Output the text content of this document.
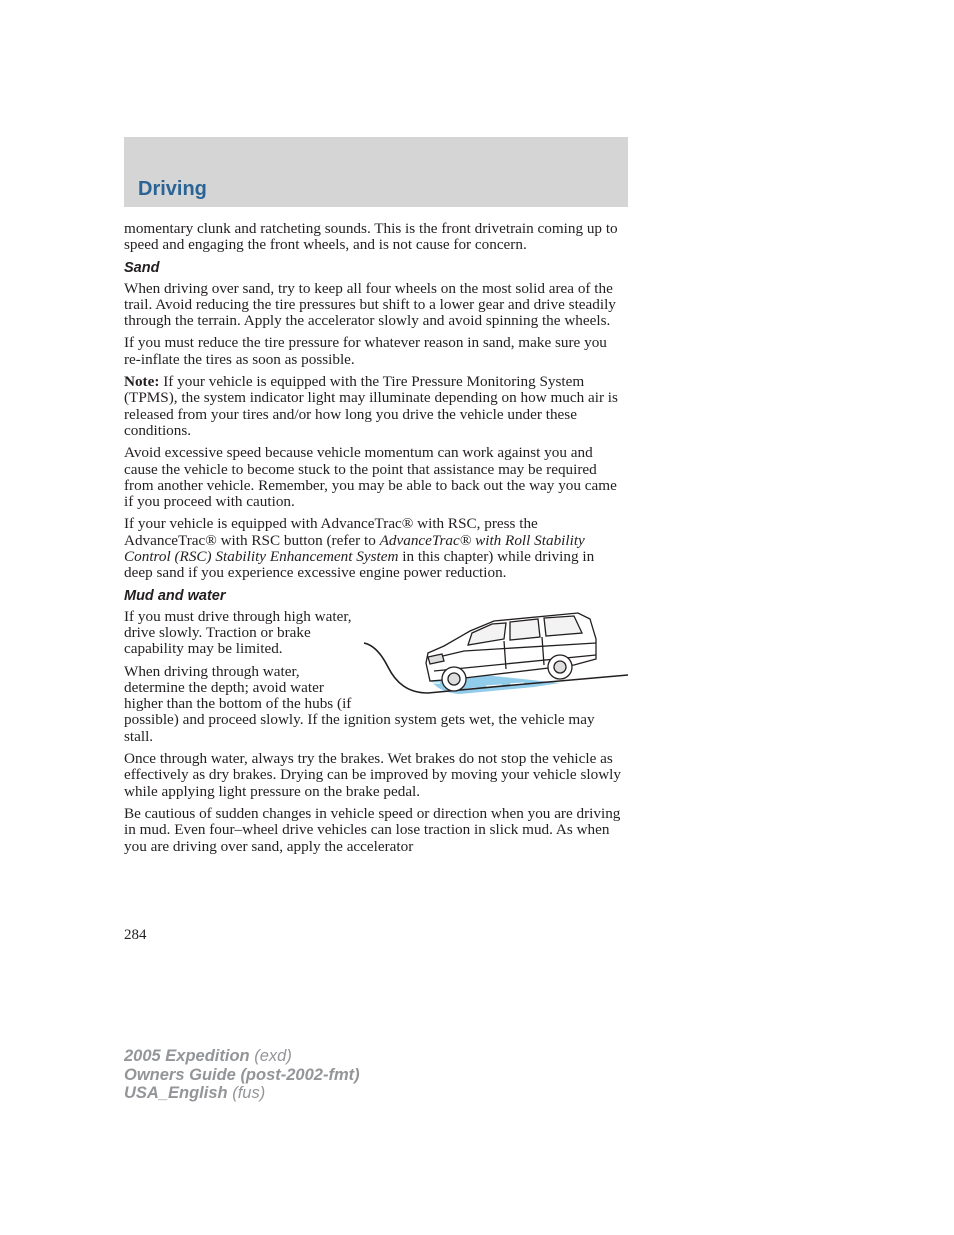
Driving

momentary clunk and ratcheting sounds. This is the front drivetrain coming up to speed and engaging the front wheels, and is not cause for concern.

Sand

When driving over sand, try to keep all four wheels on the most solid area of the trail. Avoid reducing the tire pressures but shift to a lower gear and drive steadily through the terrain. Apply the accelerator slowly and avoid spinning the wheels.

If you must reduce the tire pressure for whatever reason in sand, make sure you re-inflate the tires as soon as possible.

Note: If your vehicle is equipped with the Tire Pressure Monitoring System (TPMS), the system indicator light may illuminate depending on how much air is released from your tires and/or how long you drive the vehicle under these conditions.

Avoid excessive speed because vehicle momentum can work against you and cause the vehicle to become stuck to the point that assistance may be required from another vehicle. Remember, you may be able to back out the way you came if you proceed with caution.

If your vehicle is equipped with AdvanceTrac® with RSC, press the AdvanceTrac® with RSC button (refer to AdvanceTrac® with Roll Stability Control (RSC) Stability Enhancement System in this chapter) while driving in deep sand if you experience excessive engine power reduction.

Mud and water

If you must drive through high water, drive slowly. Traction or brake capability may be limited.

When driving through water, determine the depth; avoid water higher than the bottom of the hubs (if possible) and proceed slowly. If the ignition system gets wet, the vehicle may stall.

Once through water, always try the brakes. Wet brakes do not stop the vehicle as effectively as dry brakes. Drying can be improved by moving your vehicle slowly while applying light pressure on the brake pedal.

Be cautious of sudden changes in vehicle speed or direction when you are driving in mud. Even four–wheel drive vehicles can lose traction in slick mud. As when you are driving over sand, apply the accelerator

284
2005 Expedition (exd)
Owners Guide (post-2002-fmt)
USA_English (fus)
